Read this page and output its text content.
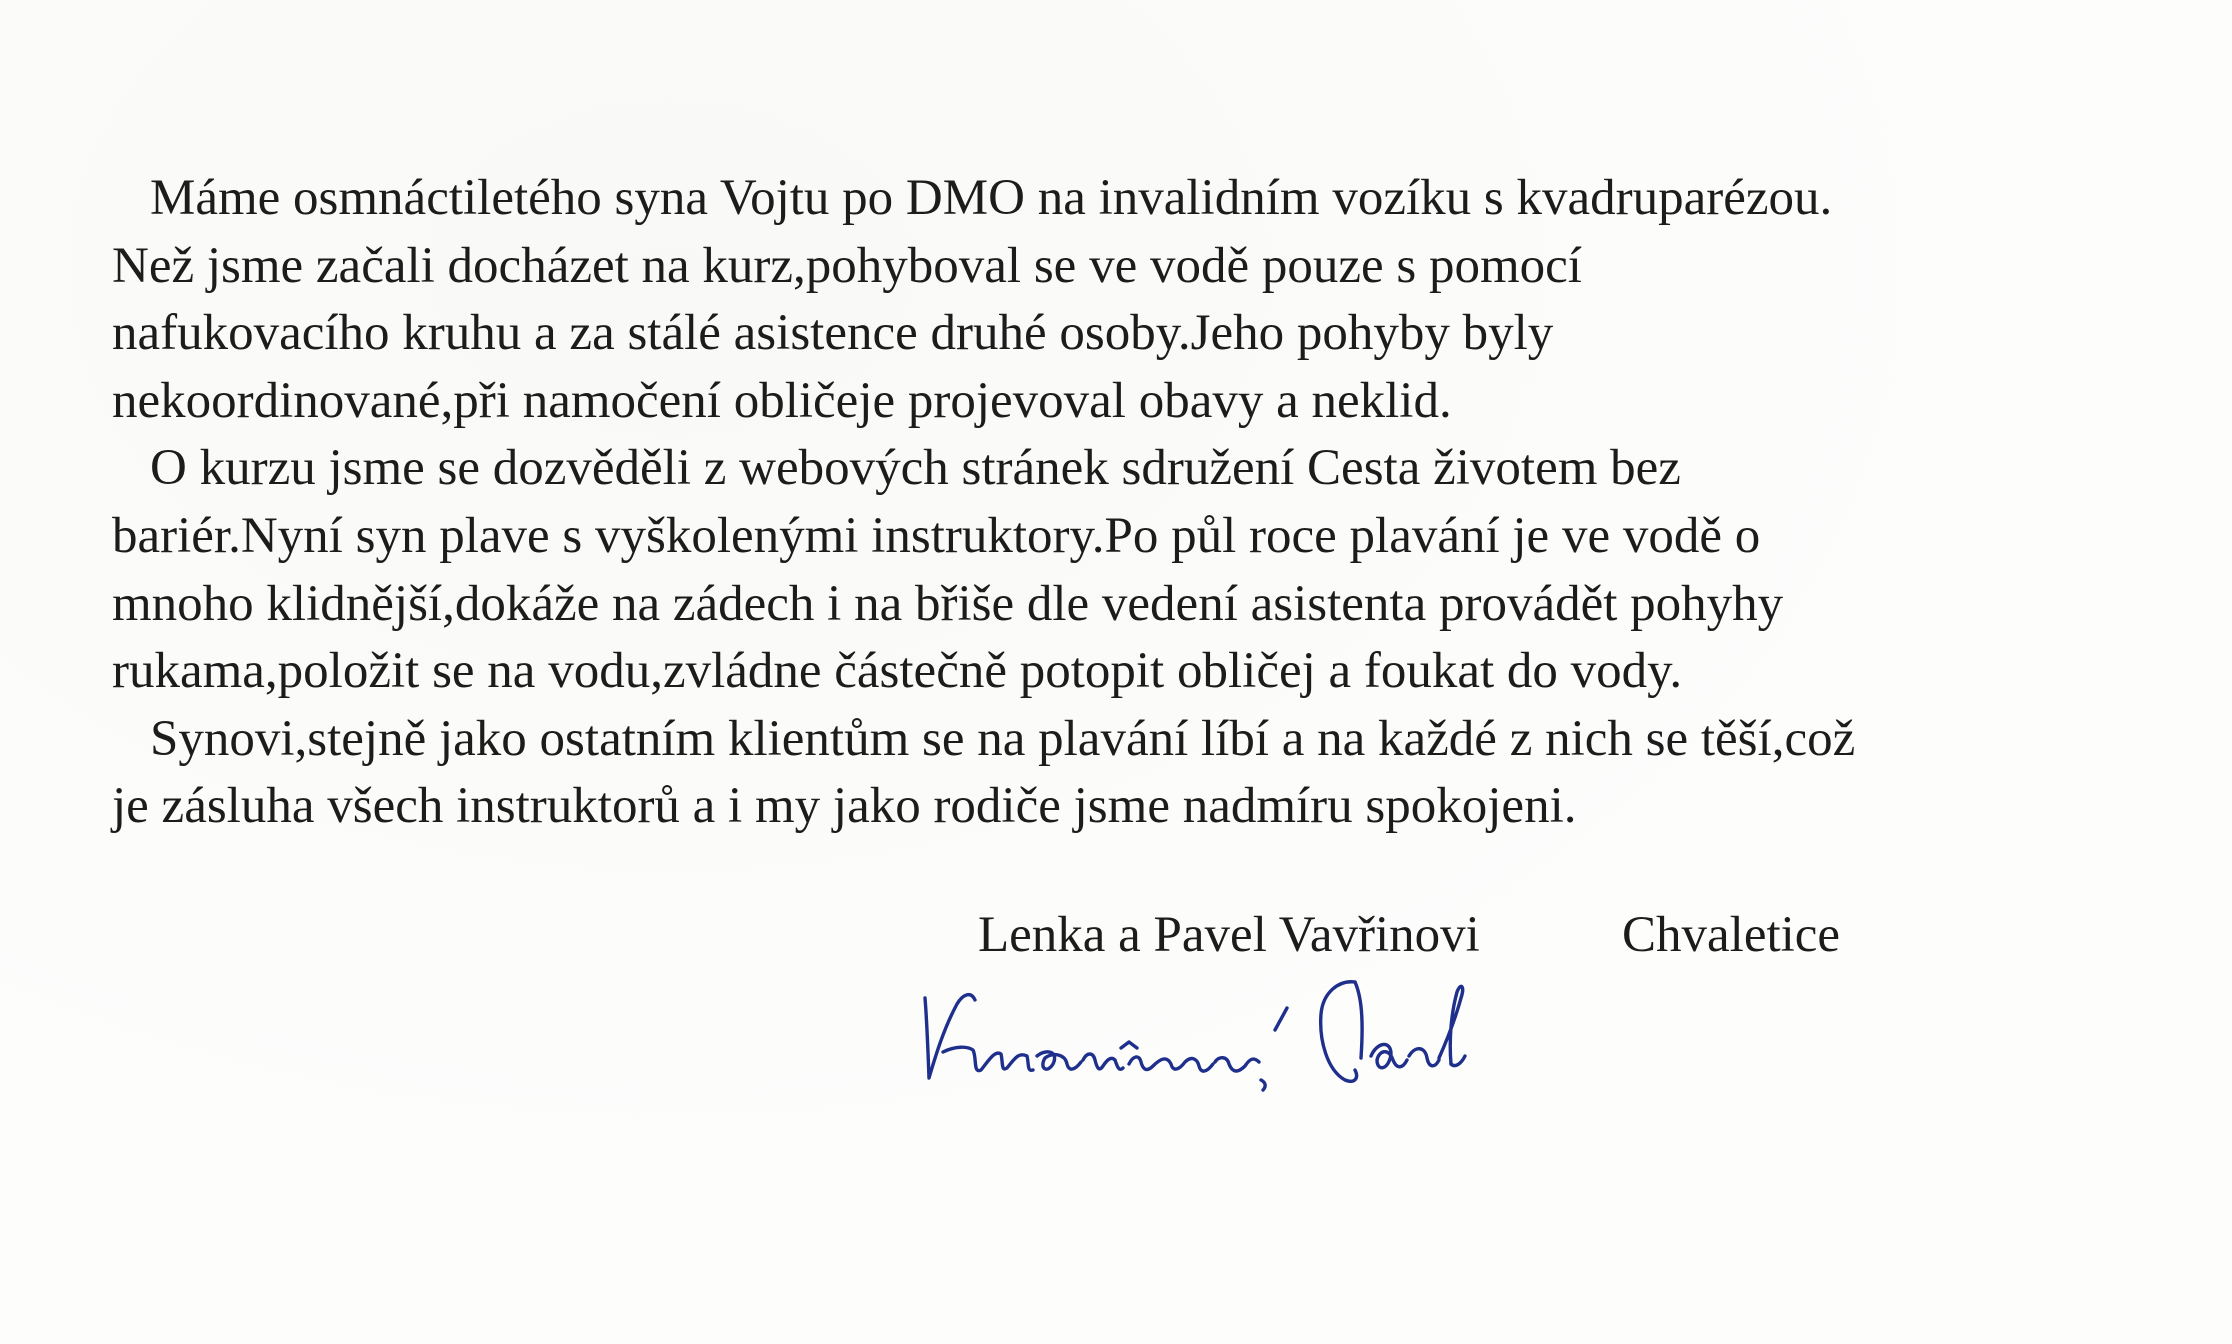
Máme osmnáctiletého syna Vojtu po DMO na invalidním vozíku s kvadruparézou.
Než jsme začali docházet na kurz,pohyboval se ve vodě pouze s pomocí
nafukovacího kruhu a za stálé asistence druhé osoby.Jeho pohyby byly
nekoordinované,při namočení obličeje projevoval obavy a neklid.
O kurzu jsme se dozvěděli z webových stránek sdružení Cesta životem bez
bariér.Nyní syn plave s vyškolenými instruktory.Po půl roce plavání je ve vodě o
mnoho klidnější,dokáže na zádech i na břiše dle vedení asistenta provádět pohyhy
rukama,položit se na vodu,zvládne částečně potopit obličej a foukat do vody.
Synovi,stejně jako ostatním klientům se na plavání líbí a na každé z nich se těší,což
je zásluha všech instruktorů a i my jako rodiče jsme nadmíru spokojeni.
Lenka a Pavel Vavřinovi	Chvaletice
